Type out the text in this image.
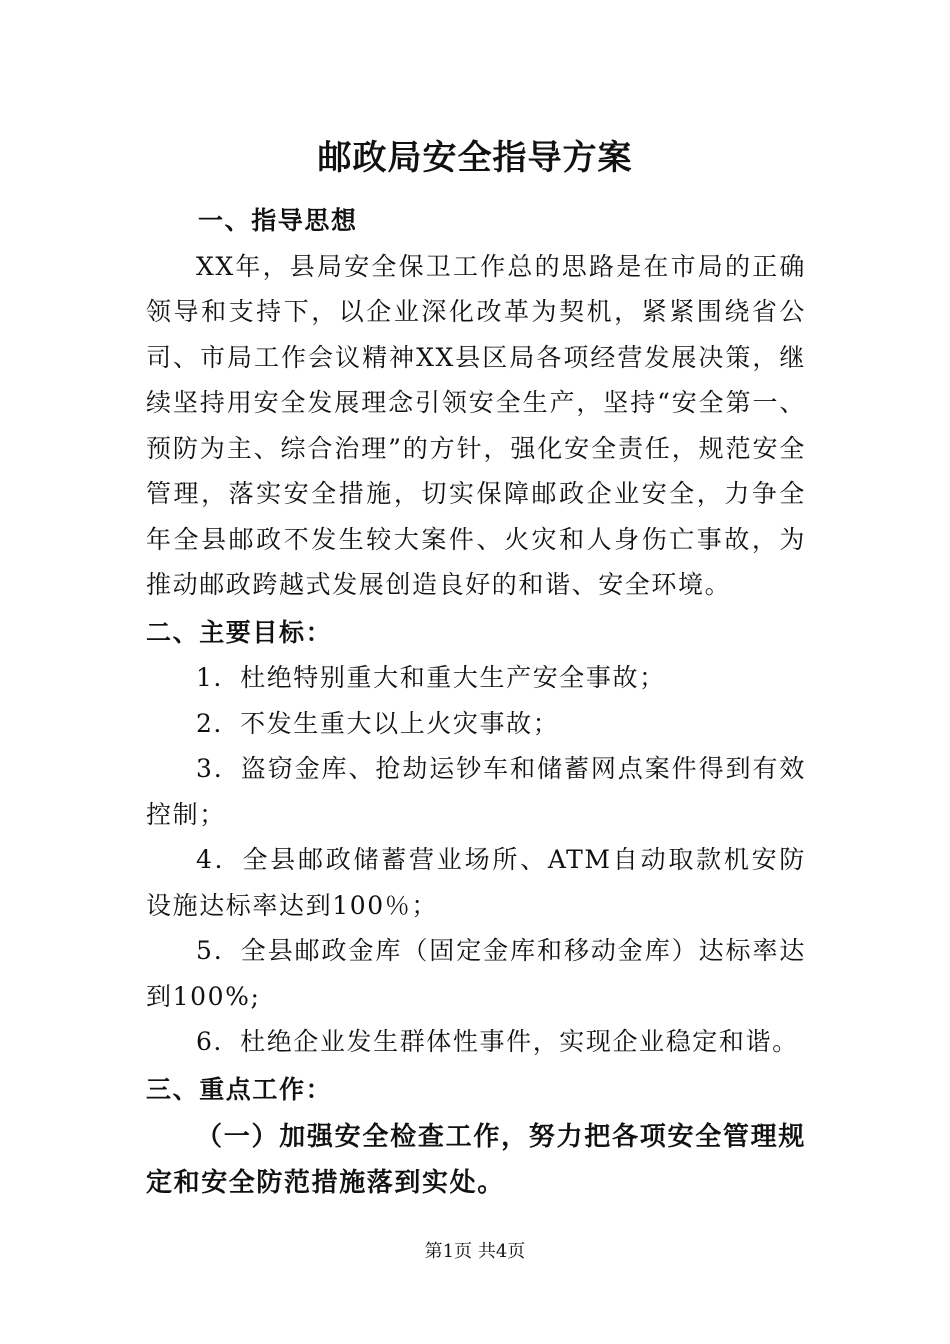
邮政局安全指导方案
一、指导思想

XX年，县局安全保卫工作总的思路是在市局的正确领导和支持下，以企业深化改革为契机，紧紧围绕省公司、市局工作会议精神XX县区局各项经营发展决策，继续坚持用安全发展理念引领安全生产，坚持“安全第一、预防为主、综合治理”的方针，强化安全责任，规范安全管理，落实安全措施，切实保障邮政企业安全，力争全年全县邮政不发生较大案件、火灾和人身伤亡事故，为推动邮政跨越式发展创造良好的和谐、安全环境。

二、主要目标：

1．杜绝特别重大和重大生产安全事故；

2．不发生重大以上火灾事故；

3．盗窃金库、抢劫运钞车和储蓄网点案件得到有效控制；

4．全县邮政储蓄营业场所、ATM自动取款机安防设施达标率达到100％；

5．全县邮政金库（固定金库和移动金库）达标率达到100%;

6．杜绝企业发生群体性事件，实现企业稳定和谐。

三、重点工作：

（一）加强安全检查工作，努力把各项安全管理规定和安全防范措施落到实处。

第1页 共4页
